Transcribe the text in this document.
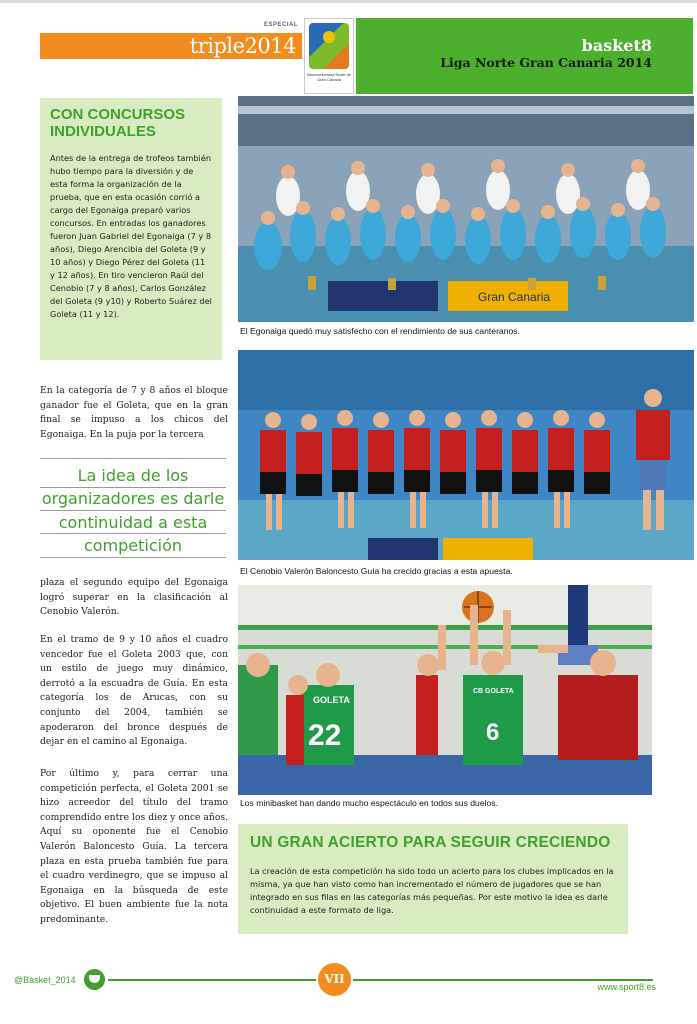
ESPECIAL
triple2014
Mancomunidad Norte de Gran Canaria
basket8
Liga Norte Gran Canaria 2014
CON CONCURSOS INDIVIDUALES
Antes de la entrega de trofeos también hubo tiempo para la diversión y de esta forma la organización de la prueba, que en esta ocasión corrió a cargo del Egonaiga preparó varios concursos. En entradas los ganadores fueron Juan Gabriel del Egonaiga (7 y 8 años), Diego Arencibia del Goleta (9 y 10 años) y Diego Pérez del Goleta (11 y 12 años). En tiro vencieron Raúl del Cenobio (7 y 8 años), Carlos González del Goleta (9 y10) y Roberto Suárez del Goleta (11 y 12).
En la categoría de 7 y 8 años el bloque ganador fue el Goleta, que en la gran final se impuso a los chicos del Egonaiga. En la puja por la tercera
La idea de los organizadores es darle continuidad a esta competición
plaza el segundo equipo del Egonaiga logró superar en la clasificación al Cenobio Valerón.
En el tramo de 9 y 10 años el cuadro vencedor fue el Goleta 2003 que, con un estilo de juego muy dinámico, derrotó a la escuadra de Guía. En esta categoría los de Arucas, con su conjunto del 2004, también se apoderaron del bronce después de dejar en el camino al Egonaiga.
Por último y, para cerrar una competición perfecta, el Goleta 2001 se hizo acreedor del título del tramo comprendido entre los diez y once años. Aquí su oponente fue el Cenobio Valerón Baloncesto Guía. La tercera plaza en esta prueba también fue para el cuadro verdinegro, que se impuso al Egonaiga en la búsqueda de este objetivo. El buen ambiente fue la nota predominante.
Gran Canaria
El Egonaiga quedó muy satisfecho con el rendimiento de sus canteranos.
El Cenobio Valerón Baloncesto Guía ha crecido gracias a esta apuesta.
22
GOLETA
6
CB GOLETA
Los minibasket han dando mucho espectáculo en todos sus duelos.
UN GRAN ACIERTO PARA SEGUIR CRECIENDO
La creación de esta competición ha sido todo un acierto para los clubes implicados en la misma, ya que han visto como han incrementado el número de jugadores que se han integrado en sus filas en las categorías más pequeñas. Por este motivo la idea es darle continuidad a este formato de liga.
@Basket_2014	VII
www.sport8.es
